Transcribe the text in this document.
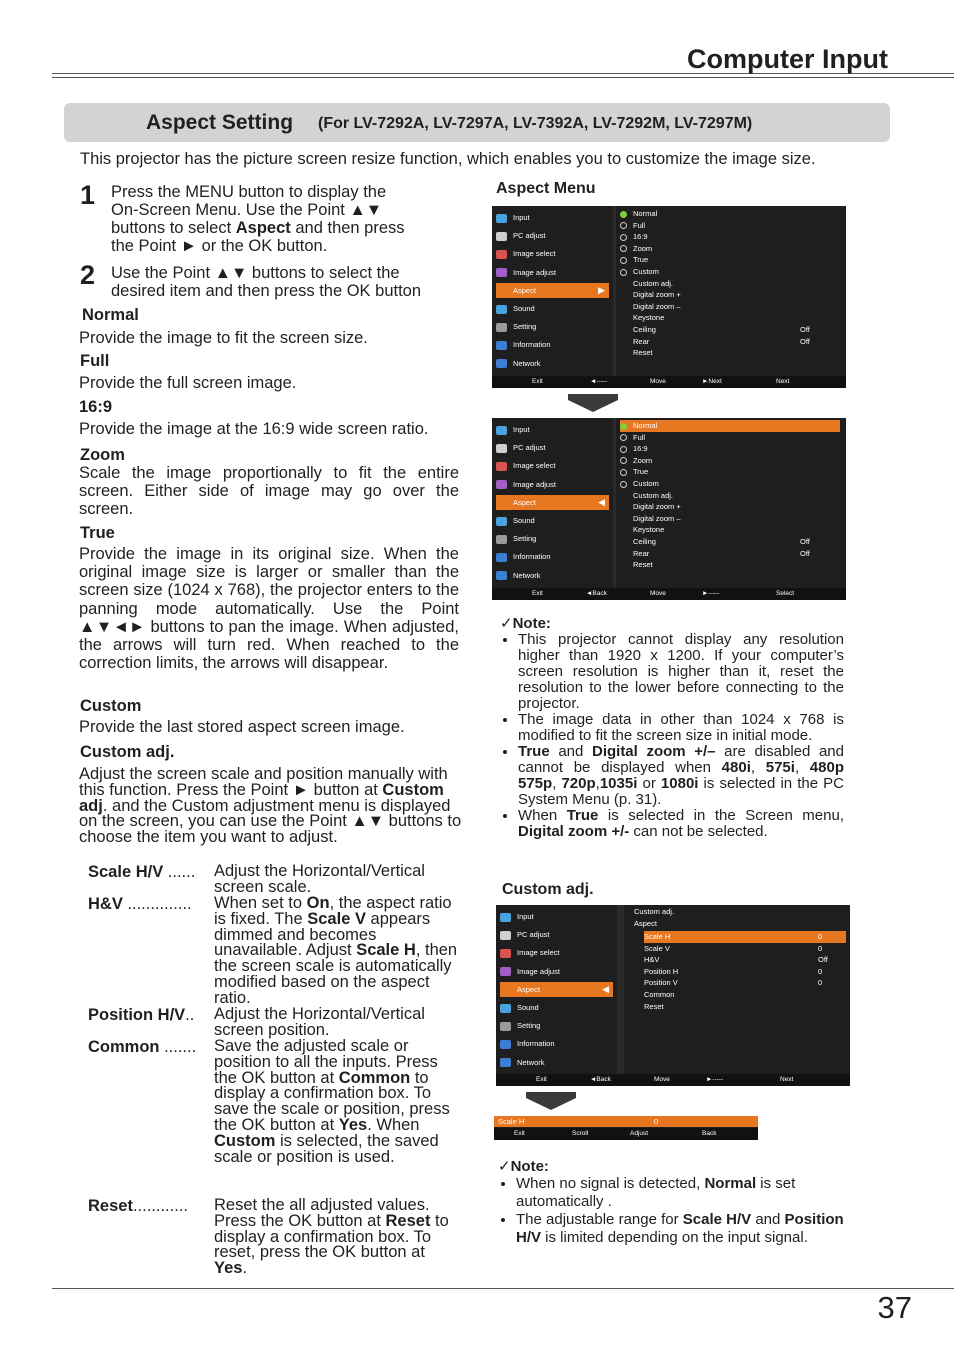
Computer Input
Aspect Setting (For LV-7292A, LV-7297A, LV-7392A, LV-7292M, LV-7297M)
This projector has the picture screen resize function, which enables you to customize the image size.
1 Press the MENU button to display the
On-Screen Menu. Use the Point ▲▼
buttons to select Aspect and then press
the Point ► or the OK button.
2 Use the Point ▲▼ buttons to select the
desired item and then press the OK button
Normal
Provide the image to fit the screen size.
Full
Provide the full screen image.
16:9
Provide the image at the 16:9 wide screen ratio.
Zoom
Scale the image proportionally to fit the entire screen. Either side of image may go over the screen.
True
Provide the image in its original size. When the original image size is larger or smaller than the screen size (1024 x 768), the projector enters to the panning mode automatically. Use the Point ▲▼◄► buttons to pan the image. When adjusted, the arrows will turn red. When reached to the correction limits, the arrows will disappear.
Custom
Provide the last stored aspect screen image.
Custom adj.
Adjust the screen scale and position manually with this function. Press the Point ► button at Custom adj. and the Custom adjustment menu is displayed on the screen, you can use the Point ▲▼ buttons to choose the item you want to adjust.
Scale H/V ...... Adjust the Horizontal/Vertical screen scale.
H&V .............. When set to On, the aspect ratio is fixed. The Scale V appears dimmed and becomes unavailable. Adjust Scale H, then the screen scale is automatically modified based on the aspect ratio.
Position H/V.. Adjust the Horizontal/Vertical screen position.
Common ....... Save the adjusted scale or position to all the inputs. Press the OK button at Common to display a confirmation box. To save the scale or position, press the OK button at Yes. When Custom is selected, the saved scale or position is used.
Reset............ Reset the all adjusted values. Press the OK button at Reset to display a confirmation box. To reset, press the OK button at Yes.
Aspect Menu
Input
PC adjust
Image select
Image adjust
Aspect	▶
Sound
Setting
Information
Network
Normal
Full
16:9
Zoom
True
Custom
Custom adj.
Digital zoom +
Digital zoom –
Keystone
Ceiling	Off
Rear	Off
Reset
Exit	◄-----	Move	►Next	Next
Input
PC adjust
Image select
Image adjust
Aspect	◀
Sound
Setting
Information
Network
Normal
Full
16:9
Zoom
True
Custom
Custom adj.
Digital zoom +
Digital zoom –
Keystone
Ceiling	Off
Rear	Off
Reset
Exit	◄Back	Move	►-----	Select
✓Note:
• This projector cannot display any resolution higher than 1920 x 1200. If your computer’s screen resolution is higher than it, reset the resolution to the lower before connecting to the projector.
• The image data in other than 1024 x 768 is modified to fit the screen size in initial mode.
• True and Digital zoom +/– are disabled and cannot be displayed when 480i, 575i, 480p 575p, 720p,1035i or 1080i is selected in the PC System Menu (p. 31).
• When True is selected in the Screen menu, Digital zoom +/- can not be selected.
Custom adj.
Input
PC adjust
Image select
Image adjust
Aspect	◀
Sound
Setting
Information
Network
Custom adj.
Aspect
Scale H	0
Scale V	0
H&V	Off
Position H	0
Position V	0
Common
Reset
Exit	◄Back	Move	►-----	Next
Scale H	0
Exit	Scroll	Adjust	Back
✓Note:
• When no signal is detected, Normal is set automatically .
• The adjustable range for Scale H/V and Position H/V is limited depending on the input signal.
37
